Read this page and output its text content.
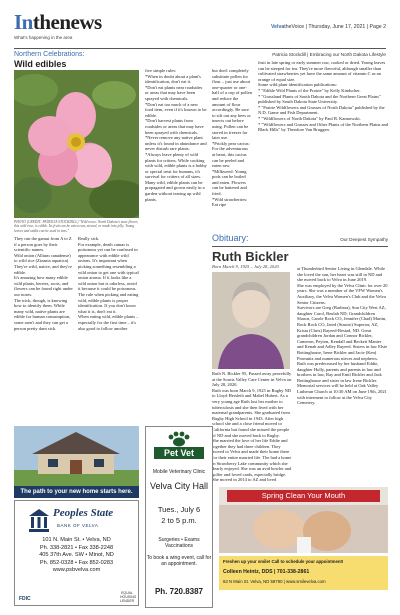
Inthenews
What's happening in the area
VelvatheVoice | Thursday, June 17, 2021 | Page 2
Northern Celebrations:	Patricia Stockdill | Embracing our North Dakota Lifestyle
Wild edibles
PHOTO (CREDIT: PATRICIA STOCKDILL) "Wild roses: North Dakota's state flower, this wild rose, is edible. Its fruit can be eaten raw, stewed, or made into jelly. Young leaves and stalks can be used in teas."

They run the gamut from A to Z if a person goes by their scientific names.

Wild onion (Allium canadense) to wild rice (Zizania aquatica) They're wild, native, and they're edible.

It's amazing how many edible wild plants, berries, roots, and flowers can be found right under our noses.

The trick, though, is knowing how to identify them. While many wild, native plants are edible for human consumption, some aren't and they can get a person pretty darn sick.

Really sick.

For example, death camas is poisonous yet can be confused in appearance with edible wild onions. It's important when picking something resembling a wild onion to get one with typical onion aroma. If it looks like a wild onion but is odorless, avoid it because it could be poisonous. The rule when picking and eating wild, edible plants is proper identification. If you don't know what it is, don't eat it.

When eating wild, edible plants – especially for the first time – it's also good to follow another

five simple rules:

*When in doubt about a plant's identification, don't eat it.

*Don't eat plants near roadsides or areas that may have been sprayed with chemicals.

*Don't eat too much of a new food item, even if it's known to be edible.

*Don't harvest plants from roadsides or areas that may have been sprayed with chemicals.

*Never remove any native plant unless it's found in abundance and never disturb rare plants.

*Always leave plenty of wild plants for critters. While cooking with wild, edible plants is a hobby or special treat for humans, it's survival for critters of all sizes.

Many wild, edible plants can be propagated and grown easily in a garden without tearing up wild plants.

but don't completely substitute pollen for flour – just use about one-quarter or one-half of a cup of pollen and reduce the amount of flour accordingly. Be sure to sift out any bees or insects out before using. Pollen can be stored in freezer for later use.

*Prickly pear cactus: For the adventurous at heart, this cactus can be peeled and eaten raw.

*Milkweed: Young pods can be boiled and eaten. Flowers can be battered and fried.

*Wild strawberries: Eat ripe

fruit in late spring or early summer raw, cooked or dried. Young leaves can be steeped for tea. They're more flavorful, although smaller than cultivated strawberries yet have the same amount of vitamin C as an orange of equal size.

Some wild plant identification publications:

* "Edible Wild Plants of the Prairie" by Kelly Kindscher.

* "Grassland Plants of South Dakota and the Northern Great Plains" published by South Dakota State University.

* "Prairie Wildflowers and Grasses of North Dakota" published by the N.D. Game and Fish Department.

* "Wildflowers of North Dakota" by Paul B. Kannowski.

* "Wildflowers and Grasses and Other Plants of the Northern Plains and Black Hills" by Theodore Van Bruggen.

Obituary:	Our Deepest Sympathy
Ruth Bickler
Born March 9, 1925 – July 28, 2020

Ruth N. Bickler 95, Passed away peacefully at the Souris Valley Care Center in Velva on July 28, 2020.

Ruth was born March 9, 1925 in Rugby ND to Lloyd Hersleth and Mabel Hubert. As a very young age Ruth lost her mother to tuberculosis and she then lived with her maternal grandparents. She graduated from Rugby High School in 1943. After high school she and a close friend moved to California but found she missed the people of ND and she moved back to Rugby.

She married the love of her life Eddie and together they had three children. They moved to Velva and made their home there for their entire married life. The had a home in Strawberry Lake community which she dearly enjoyed. She was an avid bowler and golfer and loved cards, especially bridge. She moved in 2014 to AZ and lived

at Thunderbird Senior Living in Glendale. While she loved the sun, her heart was still in ND and she moved back to Velva in June 2019.

She was employed by the Velva Clinic for over 20 years. She was a member of the VFW Women's Auxiliary, the Velva Women's Club and the Velva Senior Citizens.

Survivors are Greg (Barbara), Sun City West AZ; daughter Carol, Beulah ND; Grandchildren Shawn, Carole Rock CO, Jennifer (Chad) Martin, Rock Rock CO, Jared (Stasiro) Superior, AZ, Krista (Chris) Rayeed-Bestad, ND. Great grandchildren Jordan and Connor Bickler, Cameron, Peyton, Kendall and Beckett Manier and Kenah and Adley Rayeed. Sisters in law Elsie Bottinghouse, Irene Bickler and Jacie (Ken) Promnitz and numerous nieces and nephews.

Ruth was predeceased by her husband Eddie, daughter Holly, parents and parents in law and brothers in law, Ray and Emil Bickler and Jack Bottinghouse and sister in law Irene Bickler.

Memorial services will be held at Oak Valley Lutheran Church at 10:30 AM on June 19th, 2021 with interment to follow at the Velva City Cemetery.

The path to your new home starts here.
Peoples State
BANK OF VELVA
101 N. Main St. • Velva, ND
Ph. 338-2821 • Fax 338-2248
405 37th Ave. SW • Minot, ND
Ph. 852-0328 • Fax 852-0283
www.psbvelva.com
FDIC
EQUAL HOUSING LENDER
Pet Vet
Mobile Veterinary Clinic
Velva City Hall
Tues., July 6
2 to 5 p.m.
Surgeries • Exams Vaccinations
To book a wing event, call for an appointment.
Ph. 720.8387
Spring Clean Your Mouth
Freshen up your smile! Call to schedule your appointment!
Colleen Heintz, DDS | 701-338-2861
63 N Main St. Velva, ND 58790 | www.smilevelva.com
